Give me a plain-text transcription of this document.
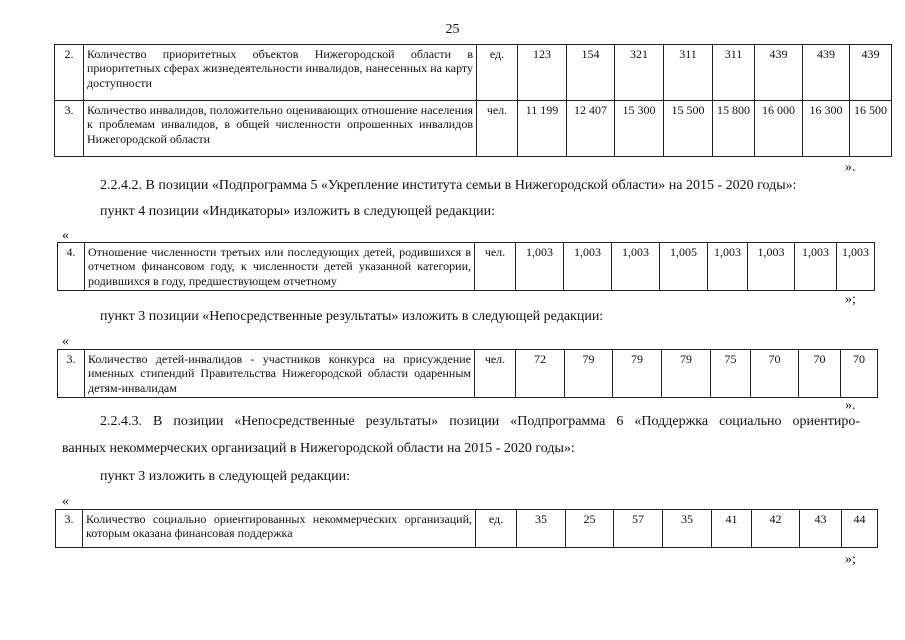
25
2.	Количество приоритетных объектов Нижегородской области в приоритетных сферах жизнедеятельности инвалидов, нанесенных на карту доступности	ед.	123	154	321	311	311	439	439	439
3.	Количество инвалидов, положительно оценивающих отношение населения к проблемам инвалидов, в общей численности опрошенных инвалидов Нижегородской области	чел.	11 199	12 407	15 300	15 500	15 800	16 000	16 300	16 500
».
2.2.4.2. В позиции «Подпрограмма 5 «Укрепление института семьи в Нижегородской области» на 2015 - 2020 годы»:
пункт 4 позиции «Индикаторы» изложить в следующей редакции:
«
4.	Отношение численности третьих или последующих детей, родившихся в отчетном финансовом году, к численности детей указанной категории, родившихся в году, предшествующем отчетному	чел.	1,003	1,003	1,003	1,005	1,003	1,003	1,003	1,003
»;
пункт 3 позиции «Непосредственные результаты» изложить в следующей редакции:
«
3.	Количество детей-инвалидов - участников конкурса на присуждение именных стипендий Правительства Нижегородской области одаренным детям-инвалидам	чел.	72	79	79	79	75	70	70	70
».
2.2.4.3. В позиции «Непосредственные результаты» позиции «Подпрограмма 6 «Поддержка социально ориентиро-
ванных некоммерческих организаций в Нижегородской области на 2015 - 2020 годы»:
пункт 3 изложить в следующей редакции:
«
3.	Количество социально ориентированных некоммерческих организаций, которым оказана финансовая поддержка	ед.	35	25	57	35	41	42	43	44
»;
